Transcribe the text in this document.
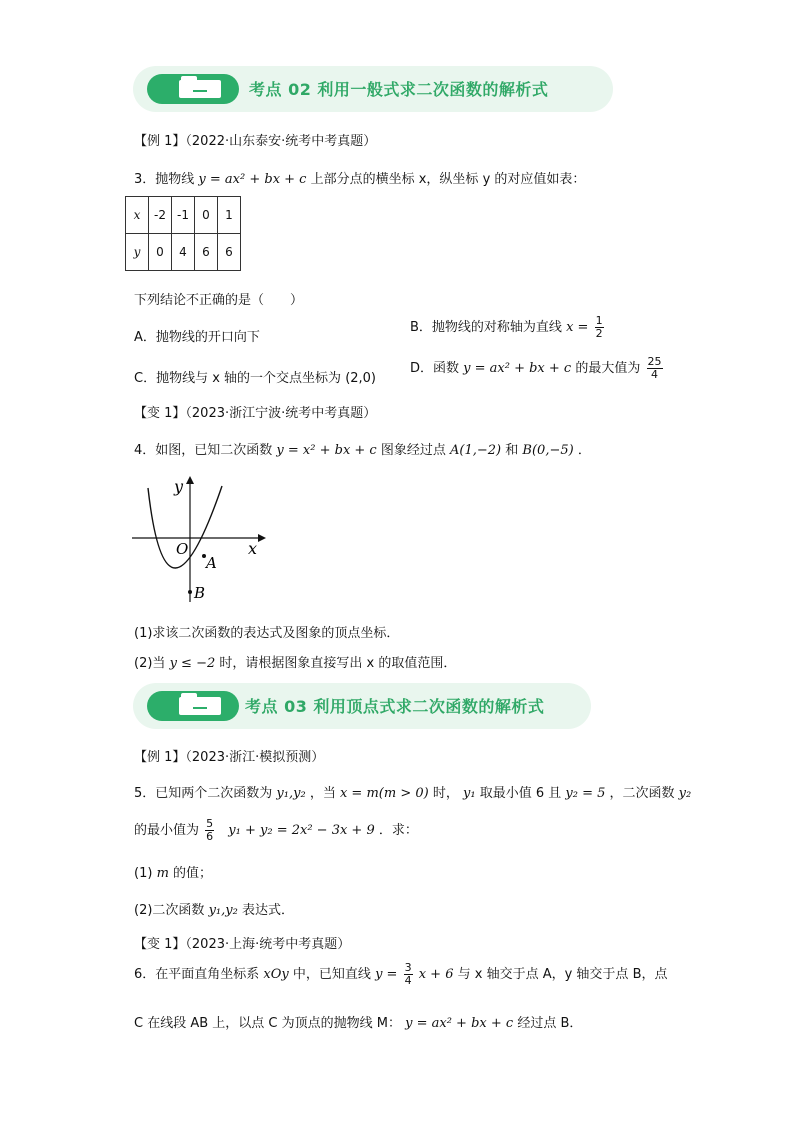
考点 02 利用一般式求二次函数的解析式
【例 1】（2022·山东泰安·统考中考真题）
3．抛物线 y = ax² + bx + c 上部分点的横坐标 x，纵坐标 y 的对应值如表：
x	-2	-1	0	1
y	0	4	6	6
下列结论不正确的是（　　）
A．抛物线的开口向下
B．抛物线的对称轴为直线 $x = \frac{1}{2}$
C．抛物线与 x 轴的一个交点坐标为 (2,0)
D．函数 y = ax² + bx + c 的最大值为 $\frac{25}{4}$
【变 1】（2023·浙江宁波·统考中考真题）
4．如图，已知二次函数 y = x² + bx + c 图象经过点 A(1,−2) 和 B(0,−5) ．
y
x
O
A
B
(1)求该二次函数的表达式及图象的顶点坐标．
(2)当 y ≤ −2 时，请根据图象直接写出 x 的取值范围．
考点 03 利用顶点式求二次函数的解析式
【例 1】（2023·浙江·模拟预测）
5．已知两个二次函数为 y₁,y₂ ，当 x = m(m > 0) 时， y₁ 取最小值 6 且 y₂ = 5 ，二次函数 y₂
的最小值为 $\frac{5}{6} y_1 + y_2 = 2x^2 - 3x + 9$ ．求：
(1) m 的值；
(2)二次函数 y₁,y₂ 表达式．
【变 1】（2023·上海·统考中考真题）
6．在平面直角坐标系 xOy 中，已知直线 $y = \frac{3}{4}$ x + 6 与 x 轴交于点 A，y 轴交于点 B，点
C 在线段 AB 上，以点 C 为顶点的抛物线 M： y = ax² + bx + c 经过点 B．
